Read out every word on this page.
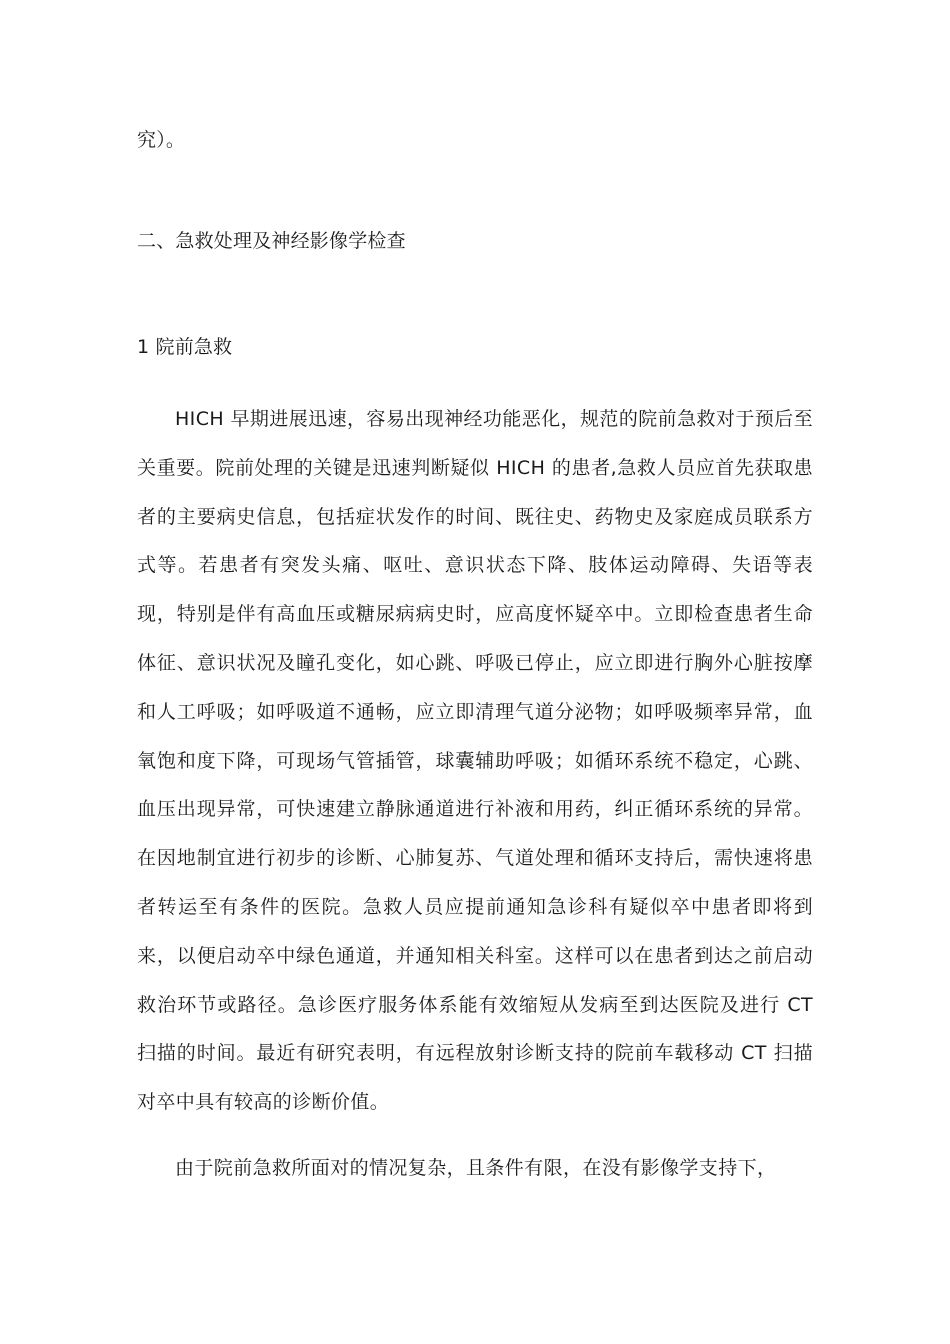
究）。
二、急救处理及神经影像学检查
1 院前急救

HICH 早期进展迅速，容易出现神经功能恶化，规范的院前急救对于预后至关重要。院前处理的关键是迅速判断疑似 HICH 的患者,急救人员应首先获取患者的主要病史信息，包括症状发作的时间、既往史、药物史及家庭成员联系方式等。若患者有突发头痛、呕吐、意识状态下降、肢体运动障碍、失语等表现，特别是伴有高血压或糖尿病病史时，应高度怀疑卒中。立即检查患者生命体征、意识状况及瞳孔变化，如心跳、呼吸已停止，应立即进行胸外心脏按摩和人工呼吸；如呼吸道不通畅，应立即清理气道分泌物；如呼吸频率异常，血氧饱和度下降，可现场气管插管，球囊辅助呼吸；如循环系统不稳定，心跳、血压出现异常，可快速建立静脉通道进行补液和用药，纠正循环系统的异常。在因地制宜进行初步的诊断、心肺复苏、气道处理和循环支持后，需快速将患者转运至有条件的医院。急救人员应提前通知急诊科有疑似卒中患者即将到来，以便启动卒中绿色通道，并通知相关科室。这样可以在患者到达之前启动救治环节或路径。急诊医疗服务体系能有效缩短从发病至到达医院及进行 CT 扫描的时间。最近有研究表明，有远程放射诊断支持的院前车载移动 CT 扫描对卒中具有较高的诊断价值。

由于院前急救所面对的情况复杂，且条件有限，在没有影像学支持下，
